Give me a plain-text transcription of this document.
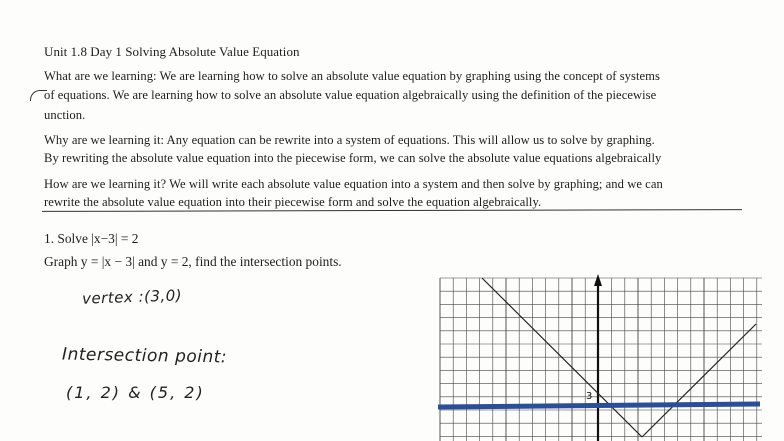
Unit 1.8 Day 1 Solving Absolute Value Equation
What are we learning: We are learning how to solve an absolute value equation by graphing using the concept of systems
of equations. We are learning how to solve an absolute value equation algebraically using the definition of the piecewise
unction.
Why are we learning it: Any equation can be rewrite into a system of equations. This will allow us to solve by graphing.
By rewriting the absolute value equation into the piecewise form, we can solve the absolute value equations algebraically
How are we learning it? We will write each absolute value equation into a system and then solve by graphing; and we can
rewrite the absolute value equation into their piecewise form and solve the equation algebraically.
1. Solve |x−3| = 2
Graph y = |x − 3| and y = 2, find the intersection points.
vertex :(3,0)
Intersection point:
(1, 2) & (5, 2)	3
